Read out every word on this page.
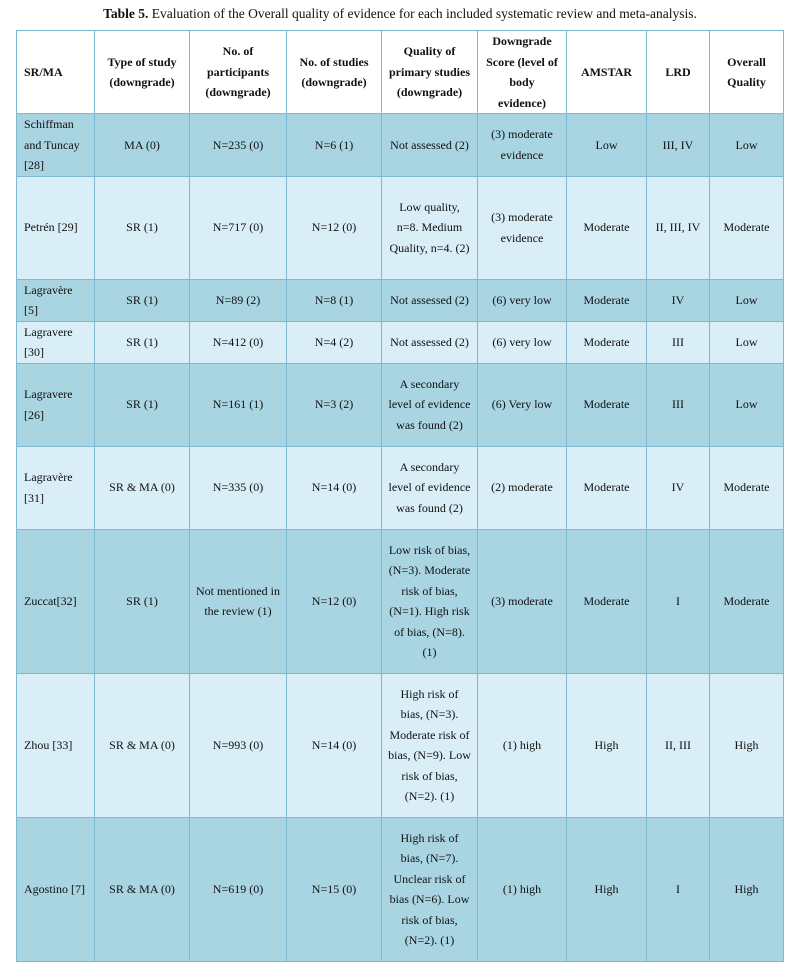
Table 5. Evaluation of the Overall quality of evidence for each included systematic review and meta-analysis.
SR/MA	Type of study (downgrade)	No. of participants (downgrade)	No. of studies (downgrade)	Quality of primary studies (downgrade)	Downgrade Score (level of body evidence)	AMSTAR	LRD	Overall Quality
Schiffman and Tuncay [28]	MA (0)	N=235 (0)	N=6 (1)	Not assessed (2)	(3) moderate evidence	Low	III, IV	Low
Petrén [29]	SR (1)	N=717 (0)	N=12 (0)	Low quality, n=8. Medium Quality, n=4. (2)	(3) moderate evidence	Moderate	II, III, IV	Moderate
Lagravère [5]	SR (1)	N=89 (2)	N=8 (1)	Not assessed (2)	(6) very low	Moderate	IV	Low
Lagravere [30]	SR (1)	N=412 (0)	N=4 (2)	Not assessed (2)	(6) very low	Moderate	III	Low
Lagravere [26]	SR (1)	N=161 (1)	N=3 (2)	A secondary level of evidence was found (2)	(6) Very low	Moderate	III	Low
Lagravère [31]	SR & MA (0)	N=335 (0)	N=14 (0)	A secondary level of evidence was found (2)	(2) moderate	Moderate	IV	Moderate
Zuccat[32]	SR (1)	Not mentioned in the review (1)	N=12 (0)	Low risk of bias, (N=3). Moderate risk of bias, (N=1). High risk of bias, (N=8). (1)	(3) moderate	Moderate	I	Moderate
Zhou [33]	SR & MA (0)	N=993 (0)	N=14 (0)	High risk of bias, (N=3). Moderate risk of bias, (N=9). Low risk of bias, (N=2). (1)	(1) high	High	II, III	High
Agostino [7]	SR & MA (0)	N=619 (0)	N=15 (0)	High risk of bias, (N=7). Unclear risk of bias (N=6). Low risk of bias, (N=2). (1)	(1) high	High	I	High
